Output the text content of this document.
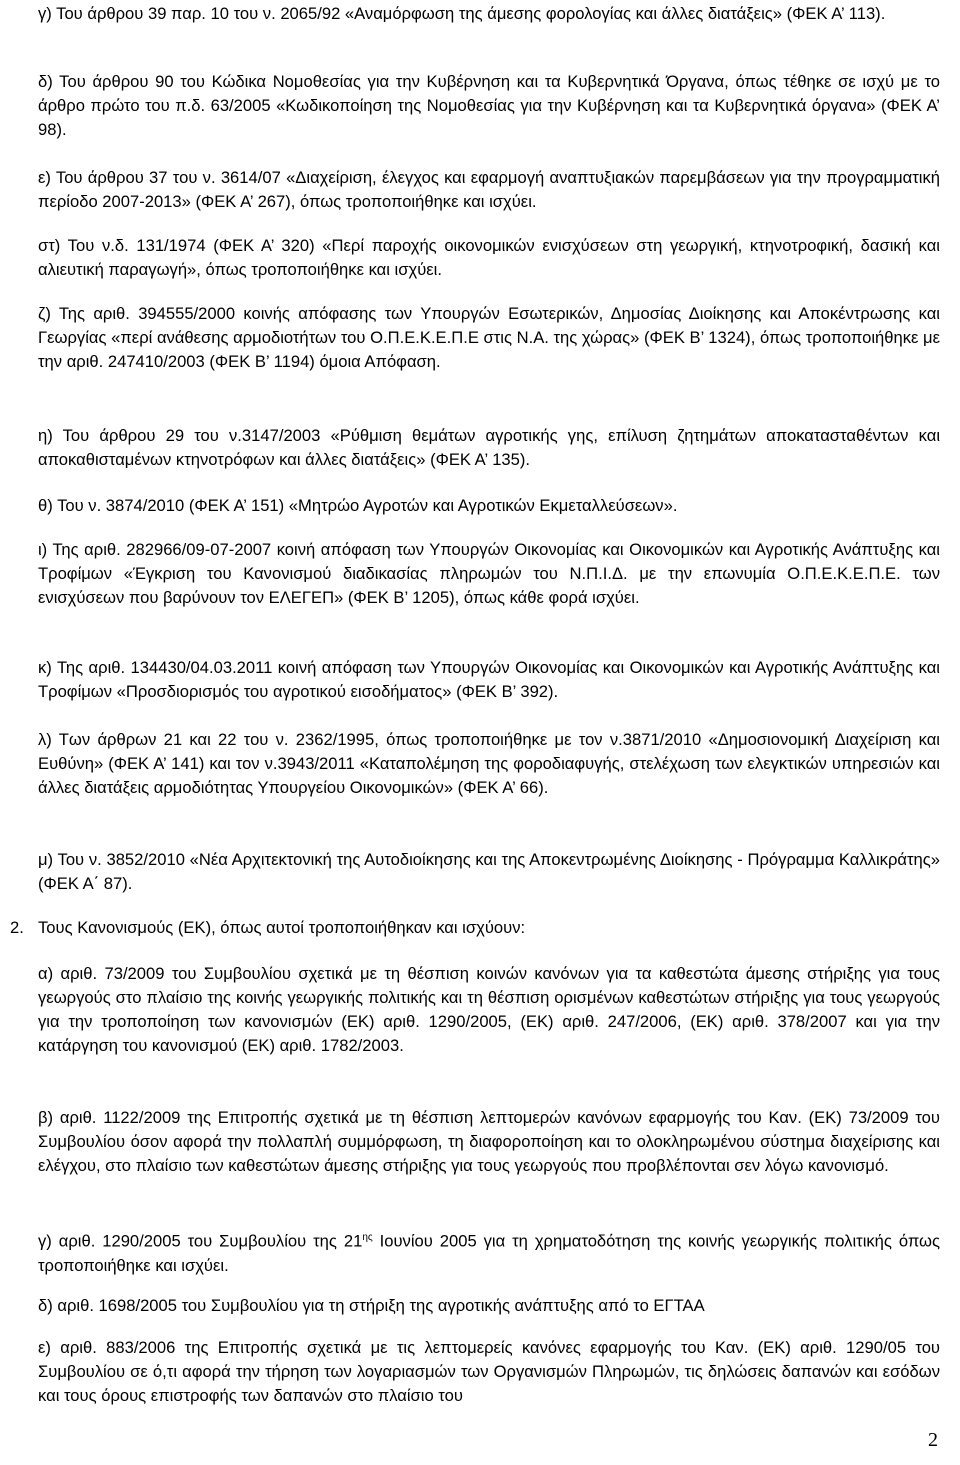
γ) Του άρθρου 39 παρ. 10 του ν. 2065/92 «Αναμόρφωση της άμεσης φορολογίας και άλλες διατάξεις» (ΦΕΚ Α’ 113).

δ) Του άρθρου 90 του Κώδικα Νομοθεσίας για την Κυβέρνηση και τα Κυβερνητικά Όργανα, όπως τέθηκε σε ισχύ με το άρθρο πρώτο του π.δ. 63/2005 «Κωδικοποίηση της Νομοθεσίας για την Κυβέρνηση και τα Κυβερνητικά όργανα» (ΦΕΚ Α’ 98).

ε) Του άρθρου 37 του ν. 3614/07 «Διαχείριση, έλεγχος και εφαρμογή αναπτυξιακών παρεμβάσεων για την προγραμματική περίοδο 2007-2013» (ΦΕΚ Α’ 267), όπως τροποποιήθηκε και ισχύει.

στ) Του ν.δ. 131/1974 (ΦΕΚ Α’ 320) «Περί παροχής οικονομικών ενισχύσεων στη γεωργική, κτηνοτροφική, δασική και αλιευτική παραγωγή», όπως τροποποιήθηκε και ισχύει.

ζ) Της αριθ. 394555/2000 κοινής απόφασης των Υπουργών Εσωτερικών, Δημοσίας Διοίκησης και Αποκέντρωσης και Γεωργίας «περί ανάθεσης αρμοδιοτήτων του Ο.Π.Ε.Κ.Ε.Π.Ε στις Ν.Α. της χώρας» (ΦΕΚ Β’ 1324), όπως τροποποιήθηκε με την αριθ. 247410/2003 (ΦΕΚ Β’ 1194) όμοια Απόφαση.

η) Του άρθρου 29 του ν.3147/2003 «Ρύθμιση θεμάτων αγροτικής γης, επίλυση ζητημάτων αποκατασταθέντων και αποκαθισταμένων κτηνοτρόφων και άλλες διατάξεις» (ΦΕΚ Α’ 135).

θ) Του ν. 3874/2010 (ΦΕΚ Α’ 151) «Μητρώο Αγροτών και Αγροτικών Εκμεταλλεύσεων».

ι) Της αριθ. 282966/09-07-2007 κοινή απόφαση των Υπουργών Οικονομίας και Οικονομικών και Αγροτικής Ανάπτυξης και Τροφίμων «Έγκριση του Κανονισμού διαδικασίας πληρωμών του Ν.Π.Ι.Δ. με την επωνυμία Ο.Π.Ε.Κ.Ε.Π.Ε. των ενισχύσεων που βαρύνουν τον ΕΛΕΓΕΠ» (ΦΕΚ Β’ 1205), όπως κάθε φορά ισχύει.

κ) Της αριθ. 134430/04.03.2011 κοινή απόφαση των Υπουργών Οικονομίας και Οικονομικών και Αγροτικής Ανάπτυξης και Τροφίμων «Προσδιορισμός του αγροτικού εισοδήματος» (ΦΕΚ Β’ 392).

λ) Των άρθρων 21 και 22 του ν. 2362/1995, όπως τροποποιήθηκε με τον ν.3871/2010 «Δημοσιονομική Διαχείριση και Ευθύνη» (ΦΕΚ Α’ 141) και τον ν.3943/2011 «Καταπολέμηση της φοροδιαφυγής, στελέχωση των ελεγκτικών υπηρεσιών και άλλες διατάξεις αρμοδιότητας Υπουργείου Οικονομικών» (ΦΕΚ Α’ 66).

μ) Του ν. 3852/2010 «Νέα Αρχιτεκτονική της Αυτοδιοίκησης και της Αποκεντρωμένης Διοίκησης - Πρόγραμμα Καλλικράτης» (ΦΕΚ Α΄ 87).

2. Τους Κανονισμούς (ΕΚ), όπως αυτοί τροποποιήθηκαν και ισχύουν:

α) αριθ. 73/2009 του Συμβουλίου σχετικά με τη θέσπιση κοινών κανόνων για τα καθεστώτα άμεσης στήριξης για τους γεωργούς στο πλαίσιο της κοινής γεωργικής πολιτικής και τη θέσπιση ορισμένων καθεστώτων στήριξης για τους γεωργούς για την τροποποίηση των κανονισμών (ΕΚ) αριθ. 1290/2005, (ΕΚ) αριθ. 247/2006, (ΕΚ) αριθ. 378/2007 και για την κατάργηση του κανονισμού (ΕΚ) αριθ. 1782/2003.

β) αριθ. 1122/2009 της Επιτροπής σχετικά με τη θέσπιση λεπτομερών κανόνων εφαρμογής του Καν. (ΕΚ) 73/2009 του Συμβουλίου όσον αφορά την πολλαπλή συμμόρφωση, τη διαφοροποίηση και το ολοκληρωμένου σύστημα διαχείρισης και ελέγχου, στο πλαίσιο των καθεστώτων άμεσης στήριξης για τους γεωργούς που προβλέπονται σεν λόγω κανονισμό.

γ) αριθ. 1290/2005 του Συμβουλίου της $21^{\eta\varsigma}$ Ιουνίου 2005 για τη χρηματοδότηση της κοινής γεωργικής πολιτικής όπως τροποποιήθηκε και ισχύει.

δ) αριθ. 1698/2005 του Συμβουλίου για τη στήριξη της αγροτικής ανάπτυξης από το ΕΓΤΑΑ

ε) αριθ. 883/2006 της Επιτροπής σχετικά με τις λεπτομερείς κανόνες εφαρμογής του Καν. (ΕΚ) αριθ. 1290/05 του Συμβουλίου σε ό,τι αφορά την τήρηση των λογαριασμών των Οργανισμών Πληρωμών, τις δηλώσεις δαπανών και εσόδων και τους όρους επιστροφής των δαπανών στο πλαίσιο του

2
